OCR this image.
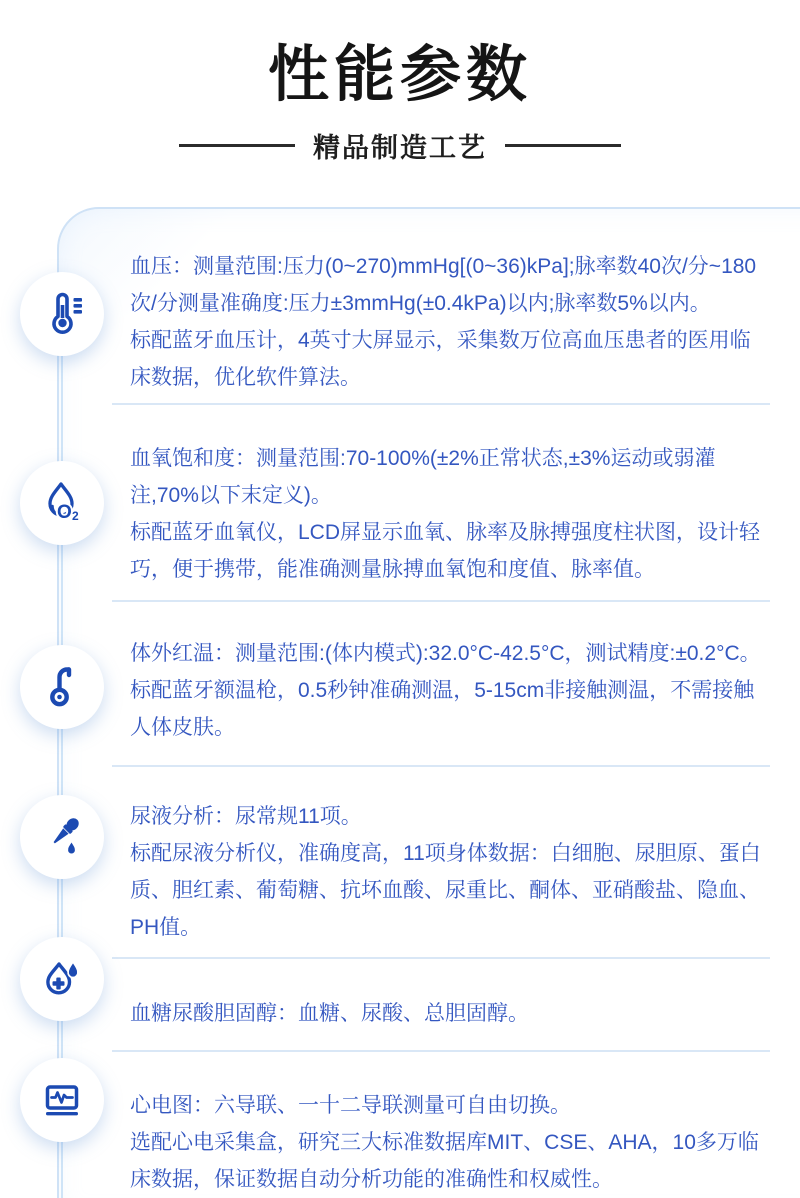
性能参数
精品制造工艺

血压：测量范围:压力(0~270)mmHg[(0~36)kPa];脉率数40次/分~180次/分测量准确度:压力±3mmHg(±0.4kPa)以内;脉率数5%以内。

标配蓝牙血压计，4英寸大屏显示，采集数万位高血压患者的医用临床数据，优化软件算法。

血氧饱和度：测量范围:70-100%(±2%正常状态,±3%运动或弱灌注,70%以下末定义)。

标配蓝牙血氧仪，LCD屏显示血氧、脉率及脉搏强度柱状图，设计轻巧，便于携带，能准确测量脉搏血氧饱和度值、脉率值。

体外红温：测量范围:(体内模式):32.0°C-42.5°C，测试精度:±0.2°C。

标配蓝牙额温枪，0.5秒钟准确测温，5-15cm非接触测温，不需接触人体皮肤。

尿液分析：尿常规11项。

标配尿液分析仪，准确度高，11项身体数据：白细胞、尿胆原、蛋白质、胆红素、葡萄糖、抗坏血酸、尿重比、酮体、亚硝酸盐、隐血、PH值。

血糖尿酸胆固醇：血糖、尿酸、总胆固醇。

心电图：六导联、一十二导联测量可自由切换。

选配心电采集盒，研究三大标准数据库MIT、CSE、AHA，10多万临床数据，保证数据自动分析功能的准确性和权威性。

O 2
